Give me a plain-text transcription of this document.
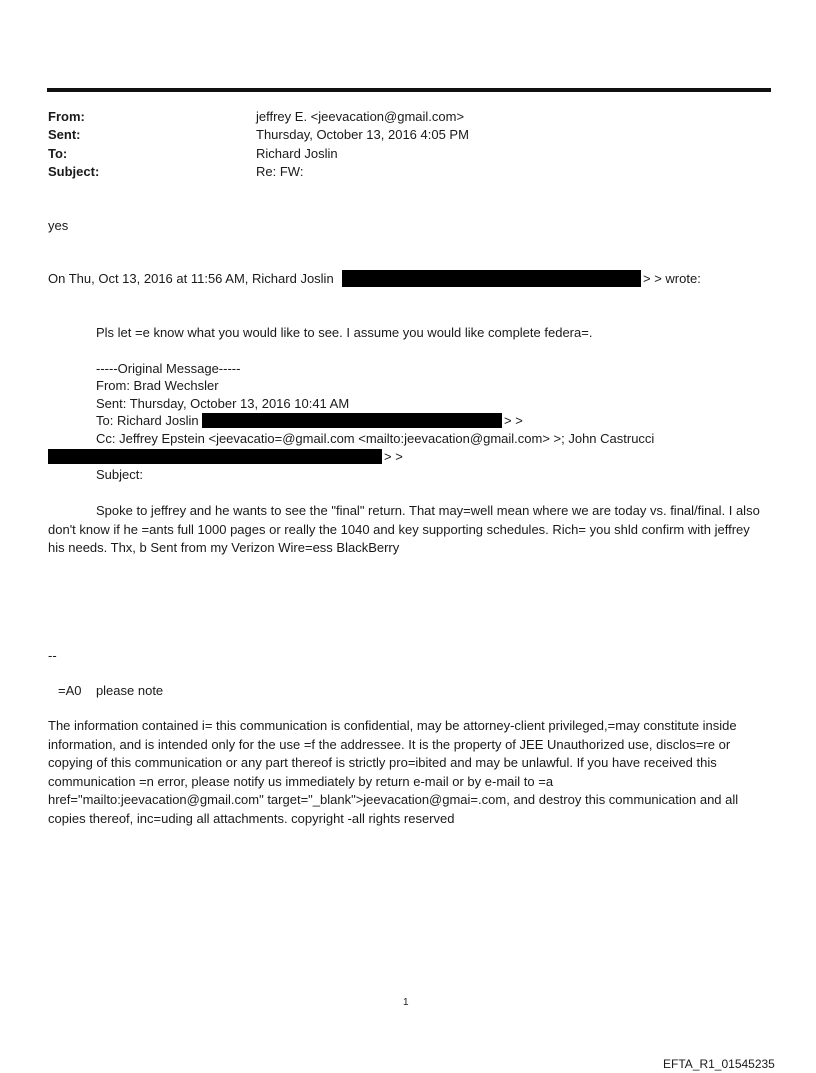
From:	jeffrey E. <jeevacation@gmail.com>
Sent:	Thursday, October 13, 2016 4:05 PM
To:	Richard Joslin
Subject:	Re: FW:
yes
On Thu, Oct 13, 2016 at 11:56 AM, Richard Joslin	> > wrote:
Pls let =e know what you would like to see. I assume you would like complete federa=.
-----Original Message-----
From: Brad Wechsler
Sent: Thursday, October 13, 2016 10:41 AM
To: Richard Joslin	> >
Cc: Jeffrey Epstein <jeevacatio=@gmail.com <mailto:jeevacation@gmail.com> >; John Castrucci
> >
Subject:
Spoke to jeffrey and he wants to see the "final" return. That may=well mean where we are today vs. final/final. I also don't know if he =ants full 1000 pages or really the 1040 and key supporting schedules. Rich= you shld confirm with jeffrey his needs. Thx, b Sent from my Verizon Wire=ess BlackBerry
--
=A0    please note
The information contained i= this communication is confidential, may be attorney-client privileged,=may constitute inside information, and is intended only for the use =f the addressee. It is the property of JEE Unauthorized use, disclos=re or copying of this communication or any part thereof is strictly pro=ibited and may be unlawful. If you have received this communication =n error, please notify us immediately by return e-mail or by e-mail to =a href="mailto:jeevacation@gmail.com" target="_blank">jeevacation@gmai=.com, and destroy this communication and all copies thereof, inc=uding all attachments. copyright -all rights reserved
1
EFTA_R1_01545235
